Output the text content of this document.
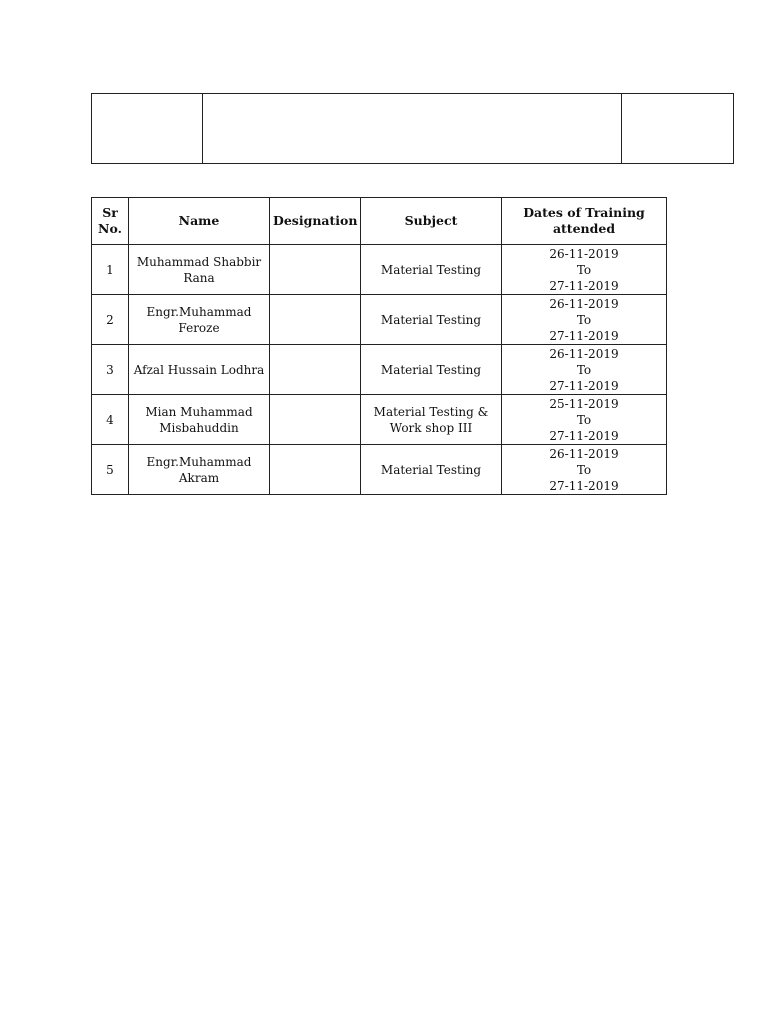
Sr No.	Name	Designation	Subject	Dates of Training attended
1	Muhammad Shabbir Rana		Material Testing	26-11-2019
To
27-11-2019

2	Engr.Muhammad Feroze		Material Testing	26-11-2019
To
27-11-2019

3	Afzal Hussain Lodhra		Material Testing	26-11-2019
To
27-11-2019

4	Mian Muhammad Misbahuddin		Material Testing & Work shop III	25-11-2019
To
27-11-2019

5	Engr.Muhammad Akram		Material Testing	26-11-2019
To
27-11-2019
